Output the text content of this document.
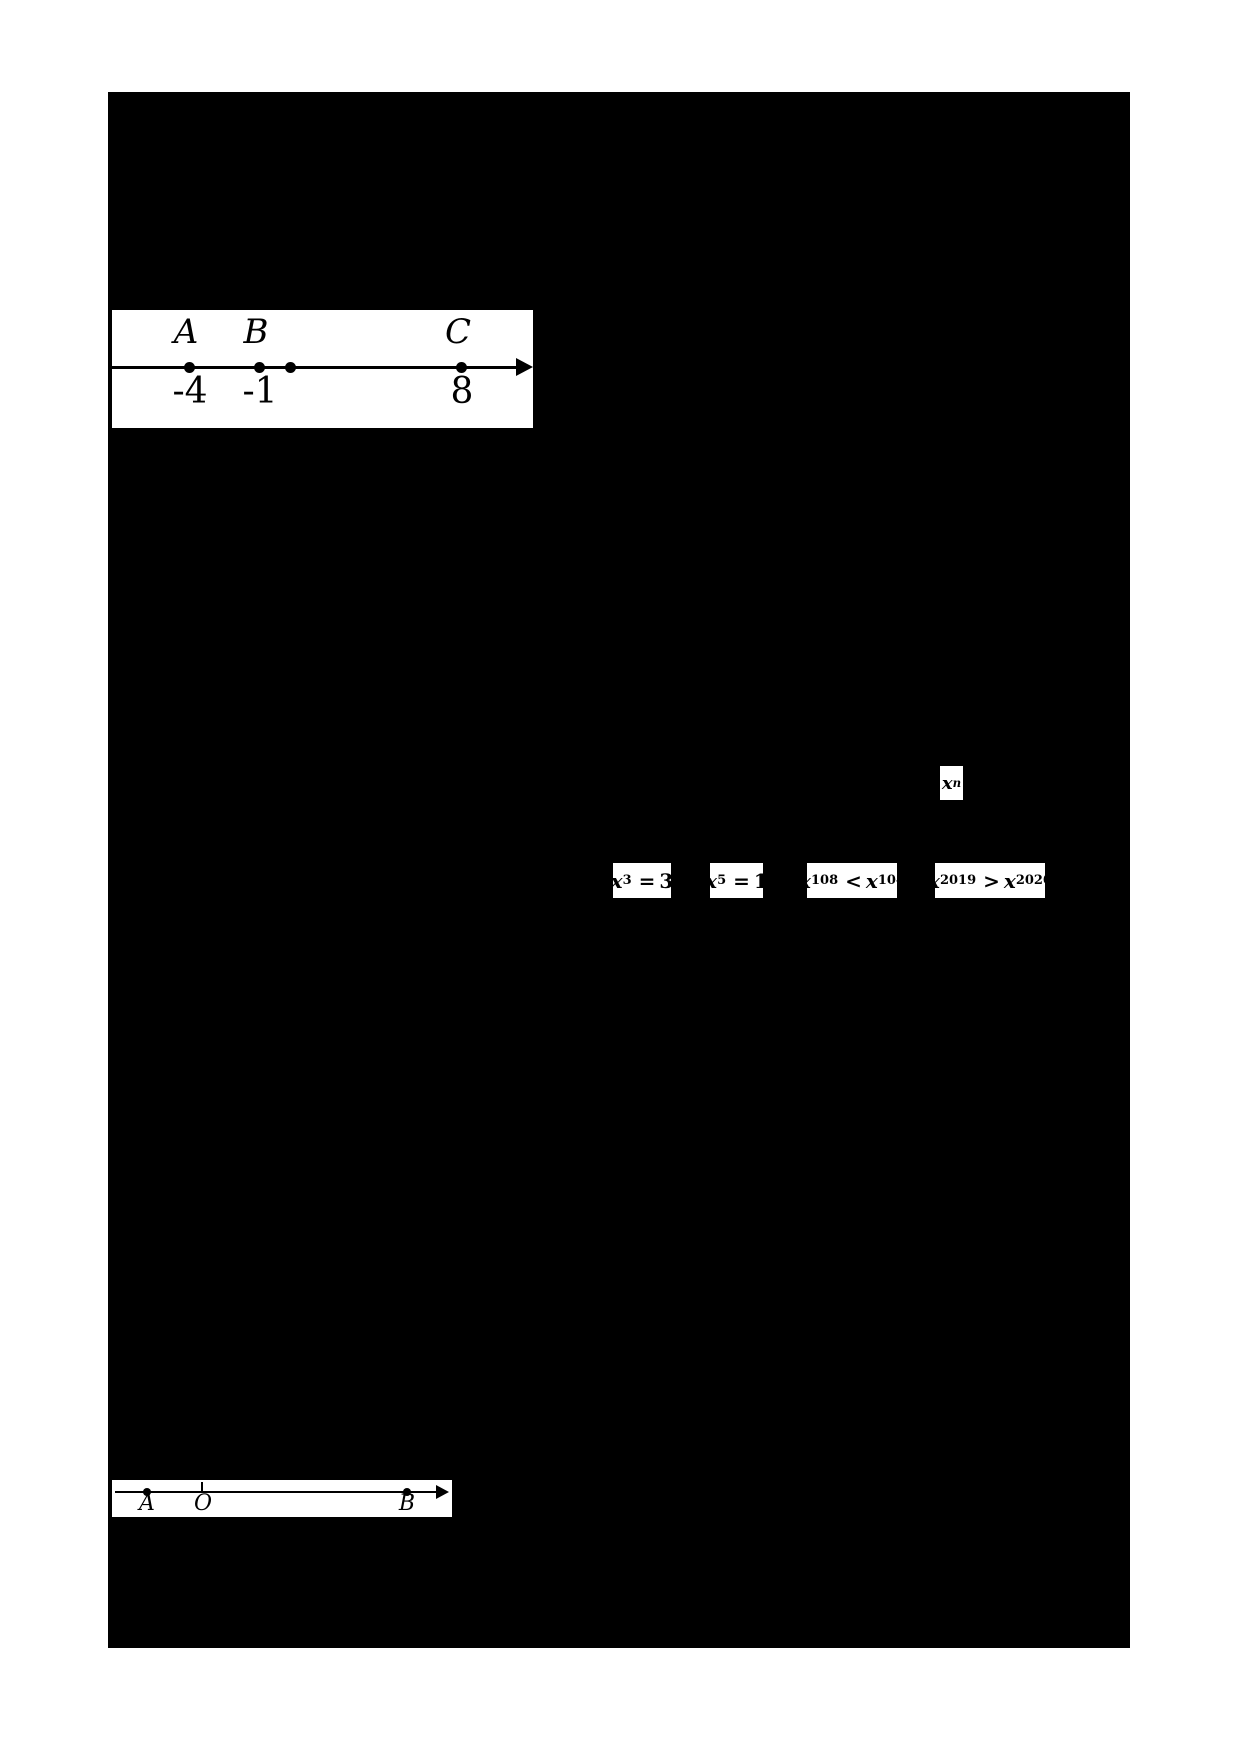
A B	C
-4 -1	8
x n
x 3 = 3 x 5 = 1 x 108 < x 104 x 2019 > x 2020
A O	B
